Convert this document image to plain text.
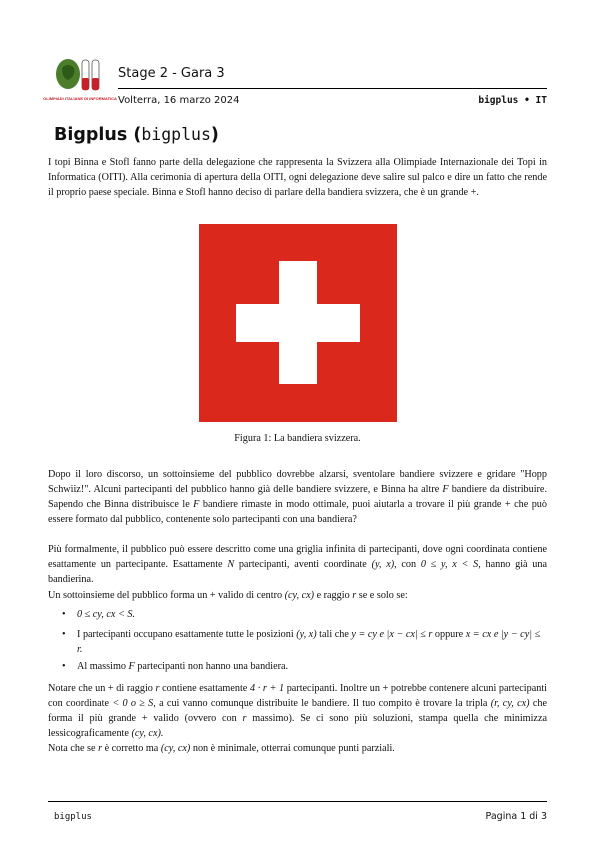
OLIMPIADI ITALIANE DI INFORMATICA
Stage 2 - Gara 3
Volterra, 16 marzo 2024	bigplus • IT
Bigplus (bigplus)

I topi Binna e Stofl fanno parte della delegazione che rappresenta la Svizzera alla Olimpiade Internazionale dei Topi in Informatica (OITI). Alla cerimonia di apertura della OITI, ogni delegazione deve salire sul palco e dire un fatto che rende il proprio paese speciale. Binna e Stofl hanno deciso di parlare della bandiera svizzera, che è un grande +.

Figura 1: La bandiera svizzera.

Dopo il loro discorso, un sottoinsieme del pubblico dovrebbe alzarsi, sventolare bandiere svizzere e gridare "Hopp Schwiiz!". Alcuni partecipanti del pubblico hanno già delle bandiere svizzere, e Binna ha altre F bandiere da distribuire. Sapendo che Binna distribuisce le F bandiere rimaste in modo ottimale, puoi aiutarla a trovare il più grande + che può essere formato dal pubblico, contenente solo partecipanti con una bandiera?

Più formalmente, il pubblico può essere descritto come una griglia infinita di partecipanti, dove ogni coordinata contiene esattamente un partecipante. Esattamente N partecipanti, aventi coordinate (y, x), con 0 ≤ y, x < S, hanno già una bandierina.

Un sottoinsieme del pubblico forma un + valido di centro (cy, cx) e raggio r se e solo se:

•	0 ≤ cy, cx < S.
•	I partecipanti occupano esattamente tutte le posizioni (y, x) tali che y = cy e |x − cx| ≤ r oppure x = cx e |y − cy| ≤ r.
•	Al massimo F partecipanti non hanno una bandiera.

Notare che un + di raggio r contiene esattamente 4 · r + 1 partecipanti. Inoltre un + potrebbe contenere alcuni partecipanti con coordinate < 0 o ≥ S, a cui vanno comunque distribuite le bandiere. Il tuo compito è trovare la tripla (r, cy, cx) che forma il più grande + valido (ovvero con r massimo). Se ci sono più soluzioni, stampa quella che minimizza lessicograficamente (cy, cx).
Nota che se r è corretto ma (cy, cx) non è minimale, otterrai comunque punti parziali.

bigplus	Pagina 1 di 3
